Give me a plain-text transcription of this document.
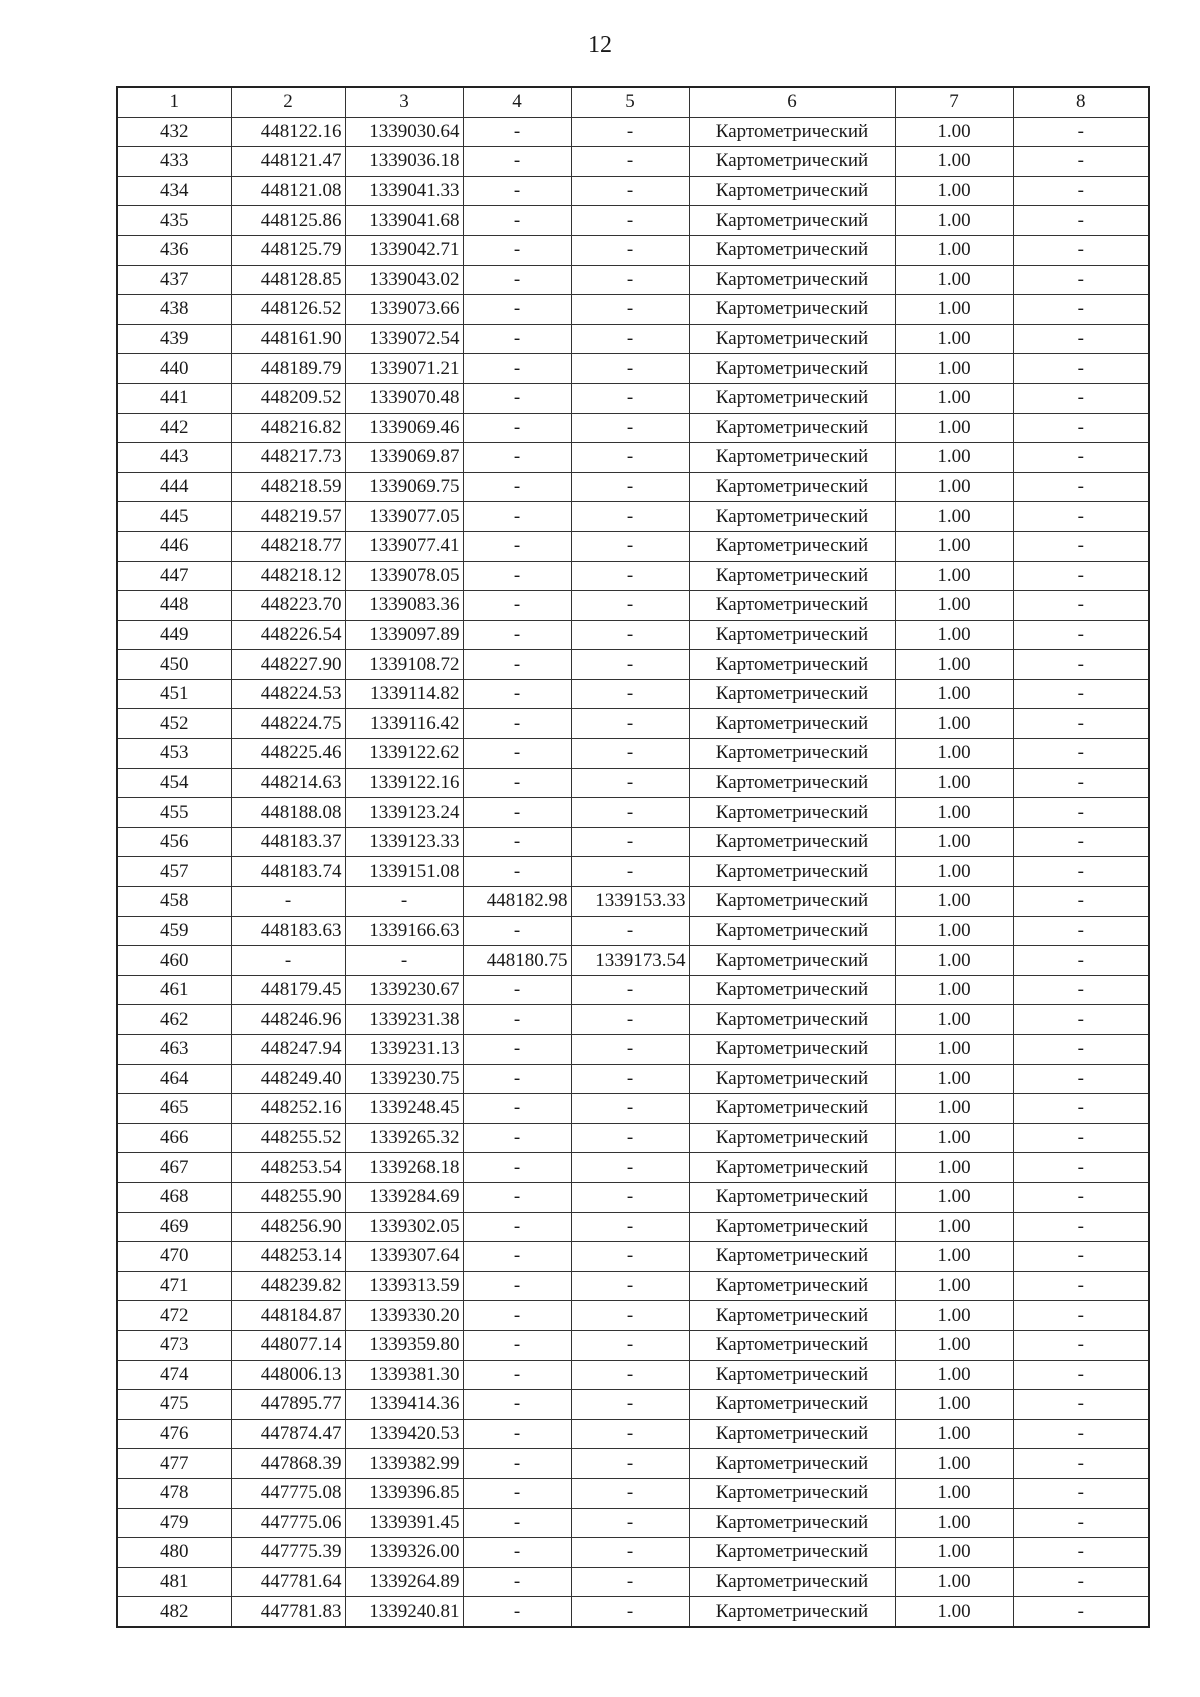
12
1	2	3	4	5	6	7	8
432	448122.16	1339030.64	-	-	Картометрический	1.00	-
433	448121.47	1339036.18	-	-	Картометрический	1.00	-
434	448121.08	1339041.33	-	-	Картометрический	1.00	-
435	448125.86	1339041.68	-	-	Картометрический	1.00	-
436	448125.79	1339042.71	-	-	Картометрический	1.00	-
437	448128.85	1339043.02	-	-	Картометрический	1.00	-
438	448126.52	1339073.66	-	-	Картометрический	1.00	-
439	448161.90	1339072.54	-	-	Картометрический	1.00	-
440	448189.79	1339071.21	-	-	Картометрический	1.00	-
441	448209.52	1339070.48	-	-	Картометрический	1.00	-
442	448216.82	1339069.46	-	-	Картометрический	1.00	-
443	448217.73	1339069.87	-	-	Картометрический	1.00	-
444	448218.59	1339069.75	-	-	Картометрический	1.00	-
445	448219.57	1339077.05	-	-	Картометрический	1.00	-
446	448218.77	1339077.41	-	-	Картометрический	1.00	-
447	448218.12	1339078.05	-	-	Картометрический	1.00	-
448	448223.70	1339083.36	-	-	Картометрический	1.00	-
449	448226.54	1339097.89	-	-	Картометрический	1.00	-
450	448227.90	1339108.72	-	-	Картометрический	1.00	-
451	448224.53	1339114.82	-	-	Картометрический	1.00	-
452	448224.75	1339116.42	-	-	Картометрический	1.00	-
453	448225.46	1339122.62	-	-	Картометрический	1.00	-
454	448214.63	1339122.16	-	-	Картометрический	1.00	-
455	448188.08	1339123.24	-	-	Картометрический	1.00	-
456	448183.37	1339123.33	-	-	Картометрический	1.00	-
457	448183.74	1339151.08	-	-	Картометрический	1.00	-
458	-	-	448182.98	1339153.33	Картометрический	1.00	-
459	448183.63	1339166.63	-	-	Картометрический	1.00	-
460	-	-	448180.75	1339173.54	Картометрический	1.00	-
461	448179.45	1339230.67	-	-	Картометрический	1.00	-
462	448246.96	1339231.38	-	-	Картометрический	1.00	-
463	448247.94	1339231.13	-	-	Картометрический	1.00	-
464	448249.40	1339230.75	-	-	Картометрический	1.00	-
465	448252.16	1339248.45	-	-	Картометрический	1.00	-
466	448255.52	1339265.32	-	-	Картометрический	1.00	-
467	448253.54	1339268.18	-	-	Картометрический	1.00	-
468	448255.90	1339284.69	-	-	Картометрический	1.00	-
469	448256.90	1339302.05	-	-	Картометрический	1.00	-
470	448253.14	1339307.64	-	-	Картометрический	1.00	-
471	448239.82	1339313.59	-	-	Картометрический	1.00	-
472	448184.87	1339330.20	-	-	Картометрический	1.00	-
473	448077.14	1339359.80	-	-	Картометрический	1.00	-
474	448006.13	1339381.30	-	-	Картометрический	1.00	-
475	447895.77	1339414.36	-	-	Картометрический	1.00	-
476	447874.47	1339420.53	-	-	Картометрический	1.00	-
477	447868.39	1339382.99	-	-	Картометрический	1.00	-
478	447775.08	1339396.85	-	-	Картометрический	1.00	-
479	447775.06	1339391.45	-	-	Картометрический	1.00	-
480	447775.39	1339326.00	-	-	Картометрический	1.00	-
481	447781.64	1339264.89	-	-	Картометрический	1.00	-
482	447781.83	1339240.81	-	-	Картометрический	1.00	-
